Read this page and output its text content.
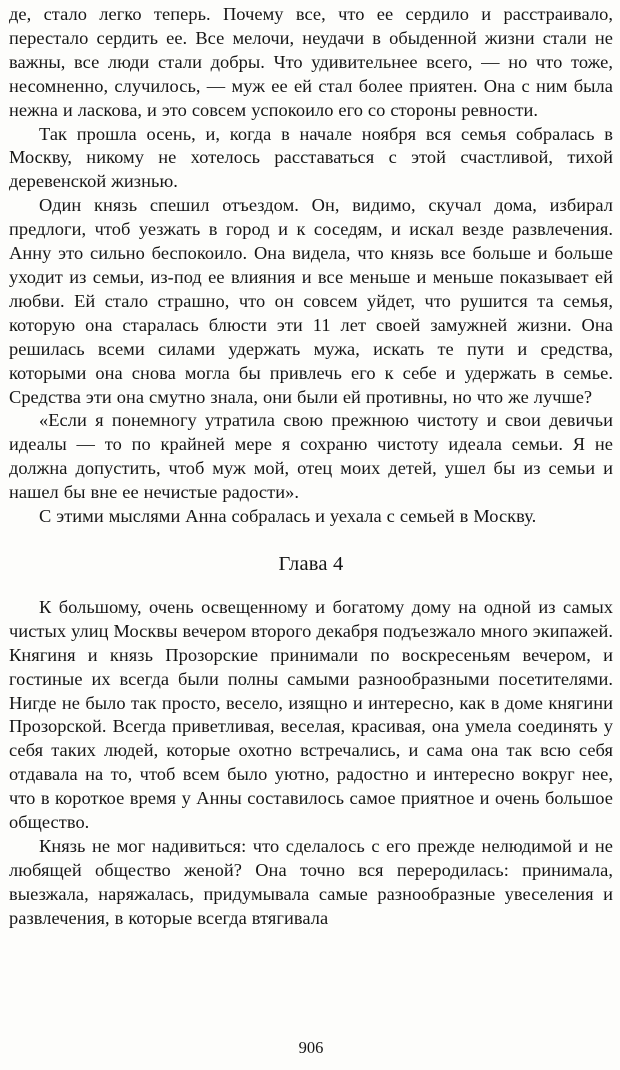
де, стало легко теперь. Почему все, что ее сердило и расстраивало, перестало сердить ее. Все мелочи, неудачи в обыденной жизни стали не важны, все люди стали добры. Что удивительнее всего, — но что тоже, несомненно, случилось, — муж ее ей стал более приятен. Она с ним была нежна и ласкова, и это совсем успокоило его со стороны ревности.

Так прошла осень, и, когда в начале ноября вся семья собралась в Москву, никому не хотелось расставаться с этой счастливой, тихой деревенской жизнью.

Один князь спешил отъездом. Он, видимо, скучал дома, избирал предлоги, чтоб уезжать в город и к соседям, и искал везде развлечения. Анну это сильно беспокоило. Она видела, что князь все больше и больше уходит из семьи, из-под ее влияния и все меньше и меньше показывает ей любви. Ей стало страшно, что он совсем уйдет, что рушится та семья, которую она старалась блюсти эти 11 лет своей замужней жизни. Она решилась всеми силами удержать мужа, искать те пути и средства, которыми она снова могла бы привлечь его к себе и удержать в семье. Средства эти она смутно знала, они были ей противны, но что же лучше?

«Если я понемногу утратила свою прежнюю чистоту и свои девичьи идеалы — то по крайней мере я сохраню чистоту идеала семьи. Я не должна допустить, чтоб муж мой, отец моих детей, ушел бы из семьи и нашел бы вне ее нечистые радости».

С этими мыслями Анна собралась и уехала с семьей в Москву.

Глава 4

К большому, очень освещенному и богатому дому на одной из самых чистых улиц Москвы вечером второго декабря подъезжало много экипажей. Княгиня и князь Прозорские принимали по воскресеньям вечером, и гостиные их всегда были полны самыми разнообразными посетителями. Нигде не было так просто, весело, изящно и интересно, как в доме княгини Прозорской. Всегда приветливая, веселая, красивая, она умела соединять у себя таких людей, которые охотно встречались, и сама она так всю себя отдавала на то, чтоб всем было уютно, радостно и интересно вокруг нее, что в короткое время у Анны составилось самое приятное и очень большое общество.

Князь не мог надивиться: что сделалось с его прежде нелюдимой и не любящей общество женой? Она точно вся переродилась: принимала, выезжала, наряжалась, придумывала самые разнообразные увеселения и развлечения, в которые всегда втягивала

906
